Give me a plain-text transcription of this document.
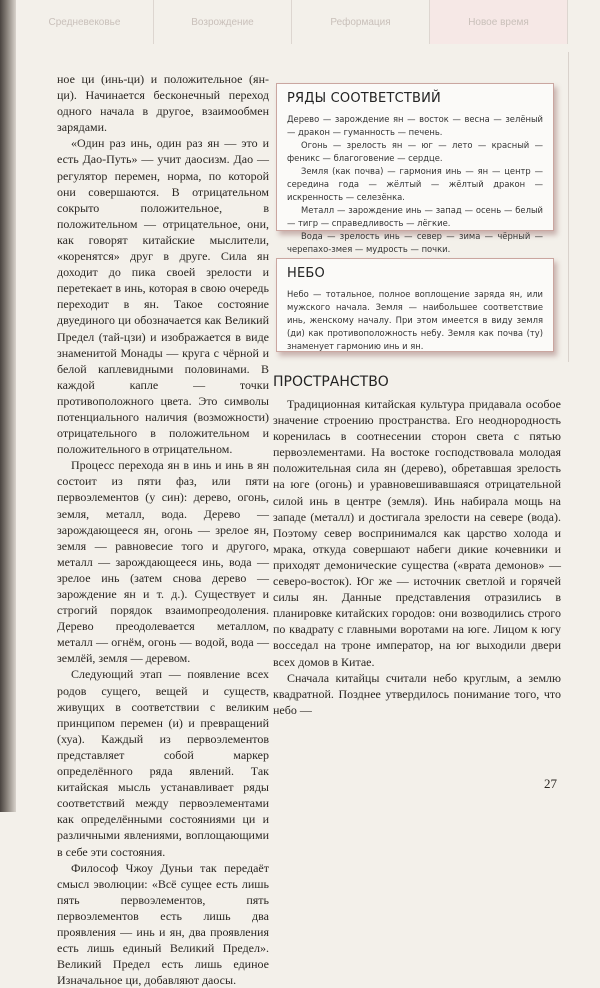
Средневековье	Возрождение	Реформация	Новое время

ное ци (инь-ци) и положительное (ян-ци). Начинается бесконечный переход одного начала в другое, взаимообмен зарядами.

«Один раз инь, один раз ян — это и есть Дао-Путь» — учит даосизм. Дао — регулятор перемен, норма, по которой они совершаются. В отрицательном сокрыто положительное, в положительном — отрицательное, они, как говорят китайские мыслители, «коренятся» друг в друге. Сила ян доходит до пика своей зрелости и перетекает в инь, которая в свою очередь переходит в ян. Такое состояние двуединого ци обозначается как Великий Предел (тай-цзи) и изображается в виде знаменитой Монады — круга с чёрной и белой каплевидными половинами. В каждой капле — точки противоположного цвета. Это символы потенциального наличия (возможности) отрицательного в положительном и положительного в отрицательном.

Процесс перехода ян в инь и инь в ян состоит из пяти фаз, или пяти первоэлементов (у син): дерево, огонь, земля, металл, вода. Дерево — зарождающееся ян, огонь — зрелое ян, земля — равновесие того и другого, металл — зарождающееся инь, вода — зрелое инь (затем снова дерево — зарождение ян и т. д.). Существует и строгий порядок взаимопреодоления. Дерево преодолевается металлом, металл — огнём, огонь — водой, вода — землёй, земля — деревом.

Следующий этап — появление всех родов сущего, вещей и существ, живущих в соответствии с великим принципом перемен (и) и превращений (хуа). Каждый из первоэлементов представляет собой маркер определённого ряда явлений. Так китайская мысль устанавливает ряды соответствий между первоэлементами как определёнными состояниями ци и различными явлениями, воплощающими в себе эти состояния.

Философ Чжоу Дуньи так передаёт смысл эволюции: «Всё сущее есть лишь пять первоэлементов, пять первоэлементов есть лишь два проявления — инь и ян, два проявления есть лишь единый Великий Предел». Великий Предел есть лишь единое Изначальное ци, добавляют даосы.

РЯДЫ СООТВЕТСТВИЙ

Дерево — зарождение ян — восток — весна — зелёный — дракон — гуманность — печень.

Огонь — зрелость ян — юг — лето — красный — феникс — благоговение — сердце.

Земля (как почва) — гармония инь — ян — центр — середина года — жёлтый — жёлтый дракон — искренность — селезёнка.

Металл — зарождение инь — запад — осень — белый — тигр — справедливость — лёгкие.

Вода — зрелость инь — север — зима — чёрный — черепахо-змея — мудрость — почки.

НЕБО

Небо — тотальное, полное воплощение заряда ян, или мужского начала. Земля — наибольшее соответствие инь, женскому началу. При этом имеется в виду земля (ди) как противоположность небу. Земля как почва (ту) знаменует гармонию инь и ян.

ПРОСТРАНСТВО

Традиционная китайская культура придавала особое значение строению пространства. Его неоднородность коренилась в соотнесении сторон света с пятью первоэлементами. На востоке господствовала молодая положительная сила ян (дерево), обретавшая зрелость на юге (огонь) и уравновешивавшаяся отрицательной силой инь в центре (земля). Инь набирала мощь на западе (металл) и достигала зрелости на севере (вода). Поэтому север воспринимался как царство холода и мрака, откуда совершают набеги дикие кочевники и приходят демонические существа («врата демонов» — северо-восток). Юг же — источник светлой и горячей силы ян. Данные представления отразились в планировке китайских городов: они возводились строго по квадрату с главными воротами на юге. Лицом к югу восседал на троне император, на юг выходили двери всех домов в Китае.

Сначала китайцы считали небо круглым, а землю квадратной. Позднее утвердилось понимание того, что небо —

27
